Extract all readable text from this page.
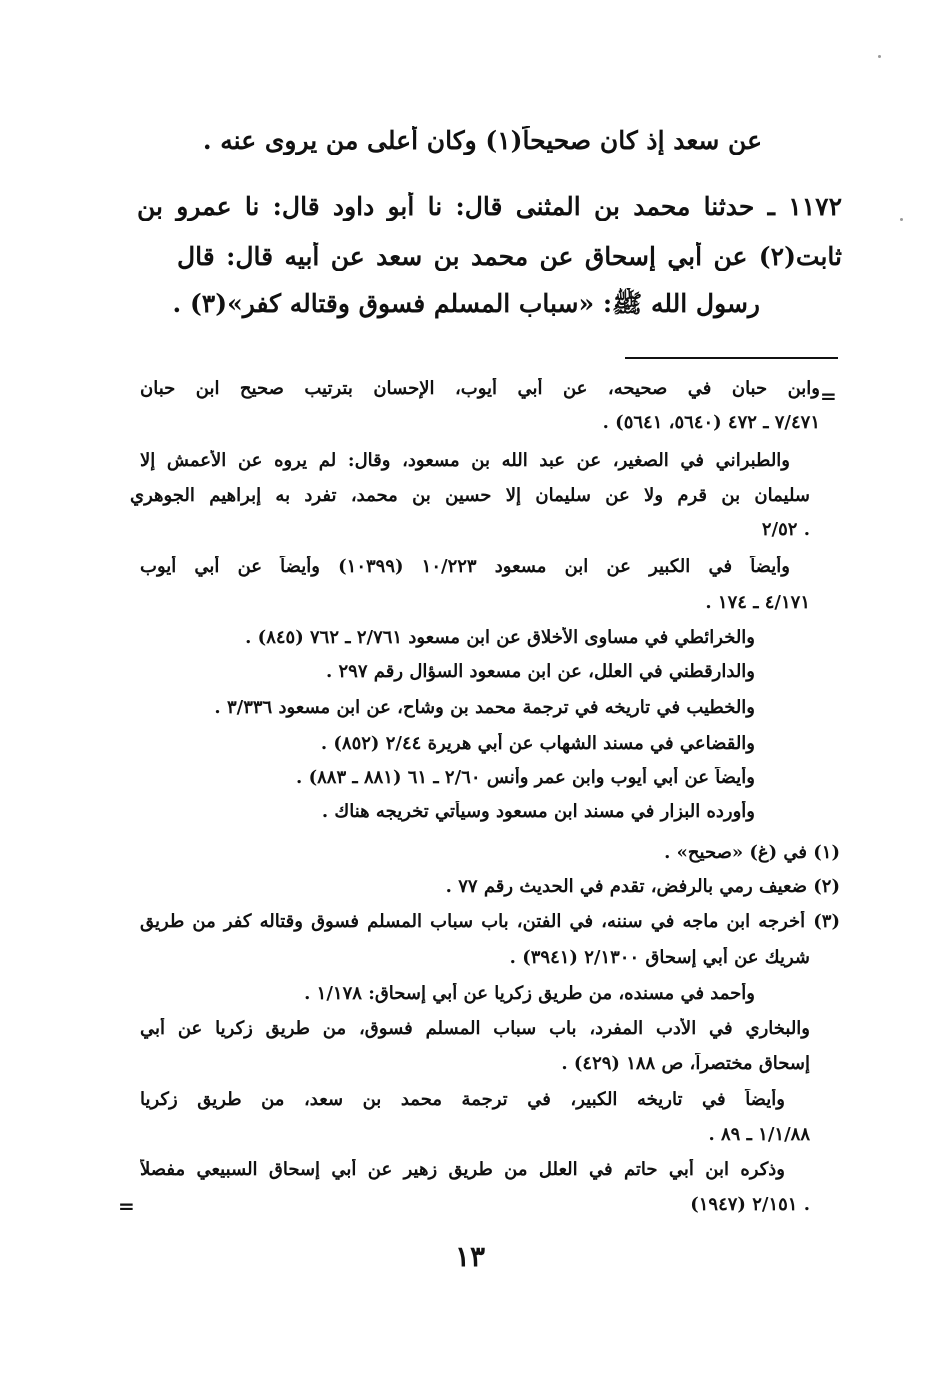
عن سعد إذ كان صحيحاً(١) وكان أعلى من يروى عنه .
١١٧٢ ـ حدثنا محمد بن المثنى قال: نا أبو داود قال: نا عمرو بن
ثابت(٢) عن أبي إسحاق عن محمد بن سعد عن أبيه قال: قال
رسول الله ﷺ: «سباب المسلم فسوق وقتاله كفر»(٣) .
=
وابن حبان في صحيحه، عن أبي أيوب، الإحسان بترتيب صحيح ابن حبان
٧/٤٧١ ـ ٤٧٢ (٥٦٤٠، ٥٦٤١) .
والطبراني في الصغير، عن عبد الله بن مسعود، وقال: لم يروه عن الأعمش إلا
سليمان بن قرم ولا عن سليمان إلا حسين بن محمد، تفرد به إبراهيم الجوهري
٢/٥٢ .
وأيضاً في الكبير عن ابن مسعود ١٠/٢٢٣ (١٠٣٩٩) وأيضاً عن أبي أيوب
٤/١٧١ ـ ١٧٤ .
والخرائطي في مساوى الأخلاق عن ابن مسعود ٢/٧٦١ ـ ٧٦٢ (٨٤٥) .
والدارقطني في العلل، عن ابن مسعود السؤال رقم ٢٩٧ .
والخطيب في تاريخه في ترجمة محمد بن وشاح، عن ابن مسعود ٣/٣٣٦ .
والقضاعي في مسند الشهاب عن أبي هريرة ٢/٤٤ (٨٥٢) .
وأيضاً عن أبي أيوب وابن عمر وأنس ٢/٦٠ ـ ٦١ (٨٨١ ـ ٨٨٣) .
وأورده البزار في مسند ابن مسعود وسيأتي تخريجه هناك .
(١) في (غ) «صحيح» .
(٢) ضعيف رمي بالرفض، تقدم في الحديث رقم ٧٧ .
(٣) أخرجه ابن ماجه في سننه، في الفتن، باب سباب المسلم فسوق وقتاله كفر من طريق
شريك عن أبي إسحاق ٢/١٣٠٠ (٣٩٤١) .
وأحمد في مسنده، من طريق زكريا عن أبي إسحاق: ١/١٧٨ .
والبخاري في الأدب المفرد، باب سباب المسلم فسوق، من طريق زكريا عن أبي
إسحاق مختصراً، ص ١٨٨ (٤٢٩) .
وأيضاً في تاريخه الكبير، في ترجمة محمد بن سعد، من طريق زكريا
١/١/٨٨ ـ ٨٩ .
وذكره ابن أبي حاتم في العلل من طريق زهير عن أبي إسحاق السبيعي مفصلاً
٢/١٥١ (١٩٤٧) .
=
١٣
